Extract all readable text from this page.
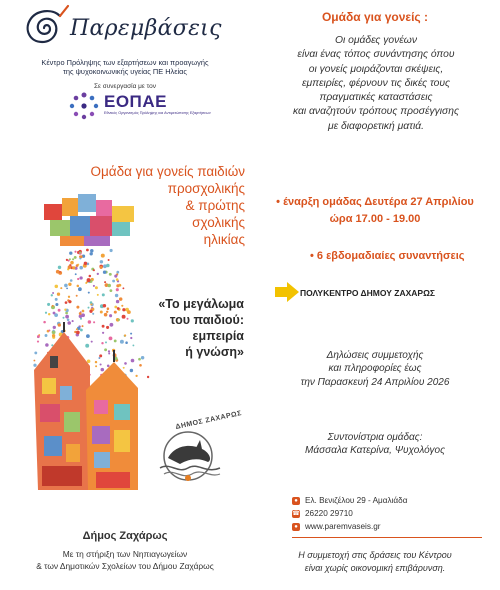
Παρεμβάσεις
Κέντρο Πρόληψης των εξαρτήσεων και προαγωγής
της ψυχοκοινωνικής υγείας ΠΕ Ηλείας
Σε συνεργασία με τον
ΕΟΠΑΕ
Εθνικός Οργανισμός Πρόληψης και Αντιμετώπισης Εξαρτήσεων
Ομάδα για γονείς παιδιών
προσχολικής
& πρώτης
σχολικής
ηλικίας
«Το μεγάλωμα
του παιδιού:
εμπειρία
ή γνώση»
ΔΗΜΟΣ ΖΑΧΑΡΩΣ
Δήμος Ζαχάρως
Με τη στήριξη των Νηπιαγωγείων
& των Δημοτικών Σχολείων του Δήμου Ζαχάρως
Ομάδα για γονείς :
Οι ομάδες γονέων
είναι ένας τόπος συνάντησης όπου
οι γονείς μοιράζονται σκέψεις,
εμπειρίες, φέρνουν τις δικές τους
πραγματικές καταστάσεις
και αναζητούν τρόπους προσέγγισης
με διαφορετική ματιά.
• έναρξη ομάδας Δευτέρα 27 Απριλίου
ώρα 17.00 - 19.00
• 6 εβδομαδιαίες συναντήσεις
ΠΟΛΥΚΕΝΤΡΟ ΔΗΜΟΥ ΖΑΧΑΡΩΣ
Δηλώσεις συμμετοχής
και πληροφορίες έως
την Παρασκευή 24 Απριλίου 2026
Συντονίστρια ομάδας:
Μάσσαλα Κατερίνα, Ψυχολόγος
● Ελ. Βενιζέλου 29 - Αμαλιάδα
☎ 26220 29710
● www.paremvaseis.gr
Η συμμετοχή στις δράσεις του Κέντρου
είναι χωρίς οικονομική επιβάρυνση.
